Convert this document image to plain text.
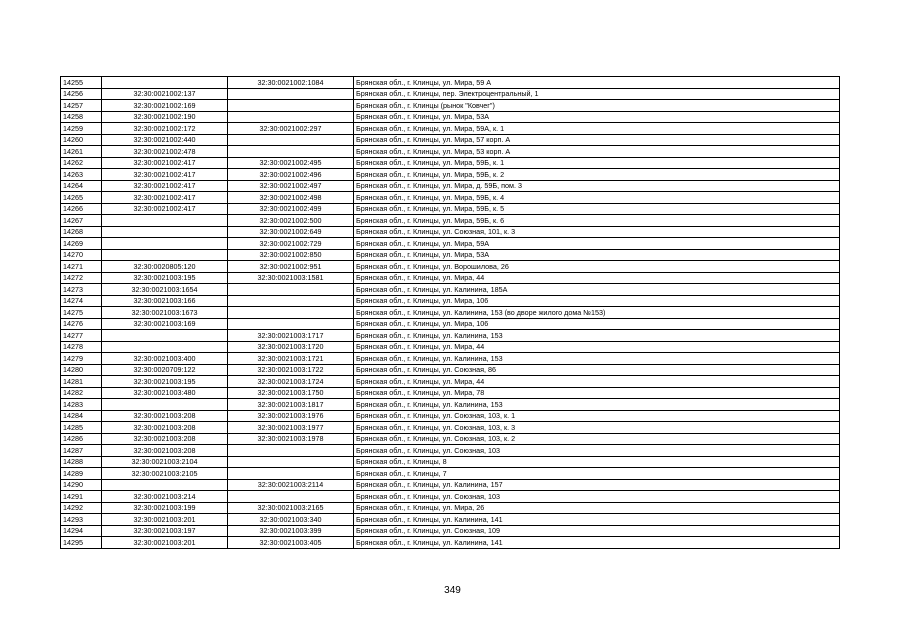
14255		32:30:0021002:1084	Брянская обл., г. Клинцы, ул. Мира, 59 А
14256	32:30:0021002:137		Брянская обл., г. Клинцы, пер. Электроцентральный, 1
14257	32:30:0021002:169		Брянская обл., г. Клинцы (рынок "Ковчег")
14258	32:30:0021002:190		Брянская обл., г. Клинцы, ул. Мира, 53А
14259	32:30:0021002:172	32:30:0021002:297	Брянская обл., г. Клинцы, ул. Мира, 59А, к. 1
14260	32:30:0021002:440		Брянская обл., г. Клинцы, ул. Мира, 57 корп. А
14261	32:30:0021002:478		Брянская обл., г. Клинцы, ул. Мира, 53 корп. А
14262	32:30:0021002:417	32:30:0021002:495	Брянская обл., г. Клинцы, ул. Мира, 59Б, к. 1
14263	32:30:0021002:417	32:30:0021002:496	Брянская обл., г. Клинцы, ул. Мира, 59Б, к. 2
14264	32:30:0021002:417	32:30:0021002:497	Брянская обл., г. Клинцы, ул. Мира, д. 59Б, пом. 3
14265	32:30:0021002:417	32:30:0021002:498	Брянская обл., г. Клинцы, ул. Мира, 59Б, к. 4
14266	32:30:0021002:417	32:30:0021002:499	Брянская обл., г. Клинцы, ул. Мира, 59Б, к. 5
14267		32:30:0021002:500	Брянская обл., г. Клинцы, ул. Мира, 59Б, к. 6
14268		32:30:0021002:649	Брянская обл., г. Клинцы, ул. Союзная, 101, к. 3
14269		32:30:0021002:729	Брянская обл., г. Клинцы, ул. Мира, 59А
14270		32:30:0021002:850	Брянская обл., г. Клинцы, ул. Мира, 53А
14271	32:30:0020805:120	32:30:0021002:951	Брянская обл., г. Клинцы, ул. Ворошилова, 26
14272	32:30:0021003:195	32:30:0021003:1581	Брянская обл., г. Клинцы, ул. Мира, 44
14273	32:30:0021003:1654		Брянская обл., г. Клинцы, ул. Калинина, 185А
14274	32:30:0021003:166		Брянская обл., г. Клинцы, ул. Мира, 106
14275	32:30:0021003:1673		Брянская обл., г. Клинцы, ул. Калинина, 153 (во дворе жилого дома №153)
14276	32:30:0021003:169		Брянская обл., г. Клинцы, ул. Мира, 106
14277		32:30:0021003:1717	Брянская обл., г. Клинцы, ул. Калинина, 153
14278		32:30:0021003:1720	Брянская обл., г. Клинцы, ул. Мира, 44
14279	32:30:0021003:400	32:30:0021003:1721	Брянская обл., г. Клинцы, ул. Калинина, 153
14280	32:30:0020709:122	32:30:0021003:1722	Брянская обл., г. Клинцы, ул. Союзная, 86
14281	32:30:0021003:195	32:30:0021003:1724	Брянская обл., г. Клинцы, ул. Мира, 44
14282	32:30:0021003:480	32:30:0021003:1750	Брянская обл., г. Клинцы, ул. Мира, 78
14283		32:30:0021003:1817	Брянская обл., г. Клинцы, ул. Калинина, 153
14284	32:30:0021003:208	32:30:0021003:1976	Брянская обл., г. Клинцы, ул. Союзная, 103, к. 1
14285	32:30:0021003:208	32:30:0021003:1977	Брянская обл., г. Клинцы, ул. Союзная, 103, к. 3
14286	32:30:0021003:208	32:30:0021003:1978	Брянская обл., г. Клинцы, ул. Союзная, 103, к. 2
14287	32:30:0021003:208		Брянская обл., г. Клинцы, ул. Союзная, 103
14288	32:30:0021003:2104		Брянская обл., г. Клинцы, 8
14289	32:30:0021003:2105		Брянская обл., г. Клинцы, 7
14290		32:30:0021003:2114	Брянская обл., г. Клинцы, ул. Калинина, 157
14291	32:30:0021003:214		Брянская обл., г. Клинцы, ул. Союзная, 103
14292	32:30:0021003:199	32:30:0021003:2165	Брянская обл., г. Клинцы, ул. Мира, 26
14293	32:30:0021003:201	32:30:0021003:340	Брянская обл., г. Клинцы, ул. Калинина, 141
14294	32:30:0021003:197	32:30:0021003:399	Брянская обл., г. Клинцы, ул. Союзная, 109
14295	32:30:0021003:201	32:30:0021003:405	Брянская обл., г. Клинцы, ул. Калинина, 141
349
